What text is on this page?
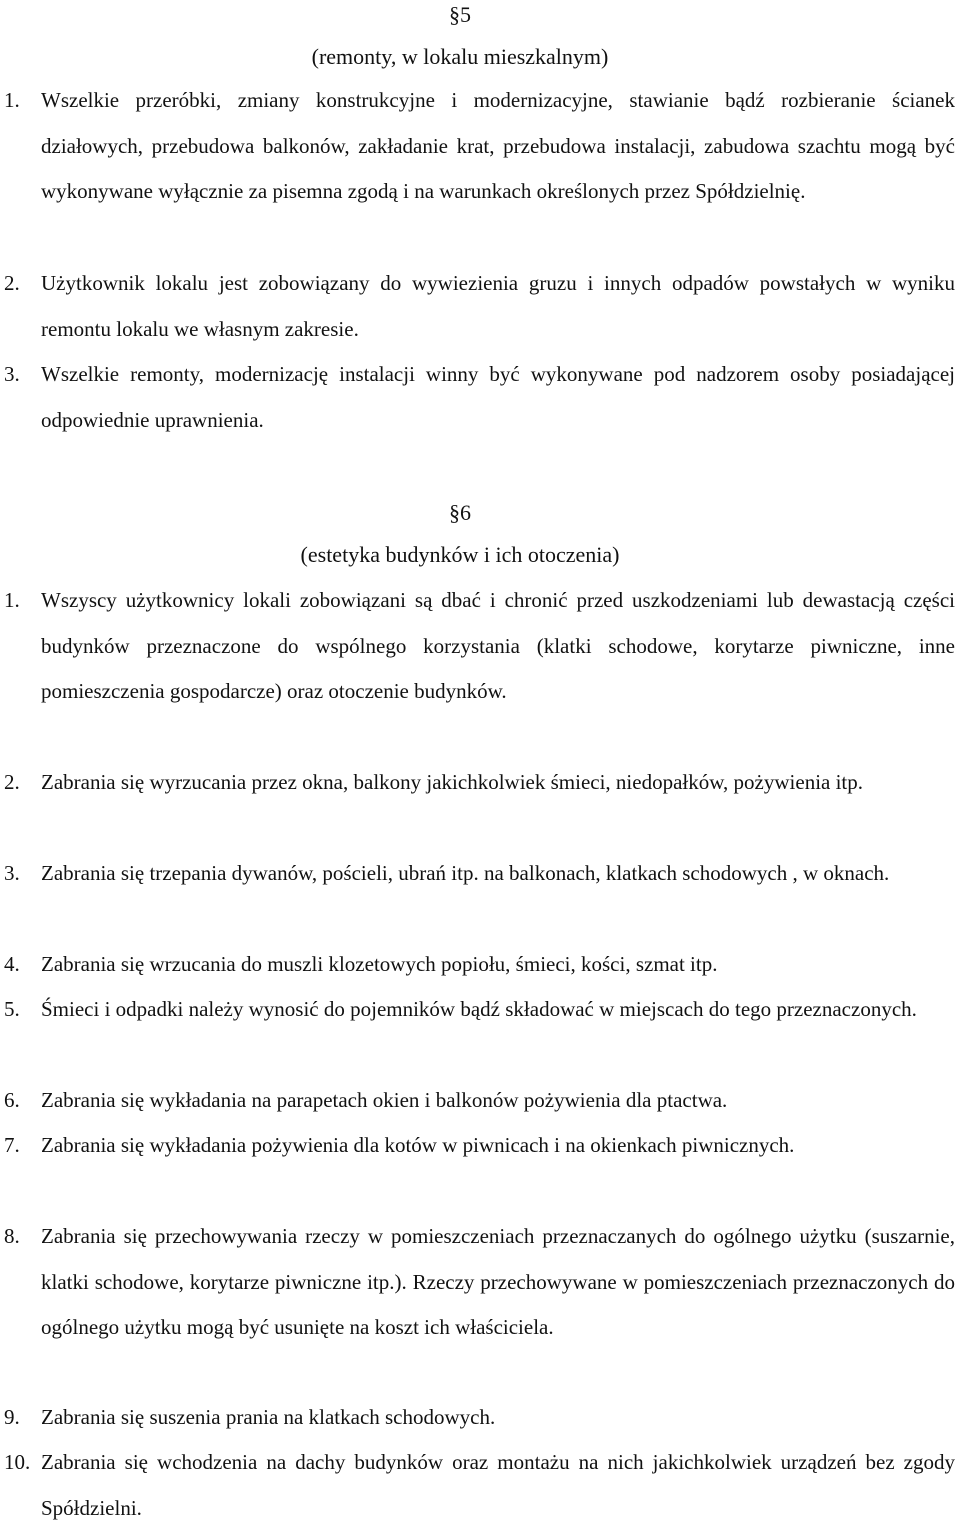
§5
(remonty, w lokalu mieszkalnym)
1. Wszelkie przeróbki, zmiany konstrukcyjne i modernizacyjne, stawianie bądź rozbieranie ścianek działowych, przebudowa balkonów, zakładanie krat, przebudowa instalacji, zabudowa szachtu mogą być wykonywane wyłącznie za pisemna zgodą i na warunkach określonych przez Spółdzielnię.
2. Użytkownik lokalu jest zobowiązany do wywiezienia gruzu i innych odpadów powstałych w wyniku remontu lokalu we własnym zakresie.
3. Wszelkie remonty, modernizację instalacji winny być wykonywane pod nadzorem osoby posiadającej odpowiednie uprawnienia.
§6
(estetyka budynków i ich otoczenia)
1. Wszyscy użytkownicy lokali zobowiązani są dbać i chronić przed uszkodzeniami lub dewastacją części budynków przeznaczone do wspólnego korzystania (klatki schodowe, korytarze piwniczne, inne pomieszczenia gospodarcze) oraz otoczenie budynków.
2. Zabrania się wyrzucania przez okna, balkony jakichkolwiek śmieci, niedopałków, pożywienia itp.
3. Zabrania się trzepania dywanów, pościeli, ubrań itp. na balkonach, klatkach schodowych , w oknach.
4. Zabrania się wrzucania do muszli klozetowych popiołu, śmieci, kości, szmat itp.
5. Śmieci i odpadki należy wynosić do pojemników bądź składować w miejscach do tego przeznaczonych.
6. Zabrania się wykładania na parapetach okien i balkonów pożywienia dla ptactwa.
7. Zabrania się wykładania pożywienia dla kotów w piwnicach i na okienkach piwnicznych.
8. Zabrania się przechowywania rzeczy w pomieszczeniach przeznaczanych do ogólnego użytku (suszarnie, klatki schodowe, korytarze piwniczne itp.). Rzeczy przechowywane w pomieszczeniach przeznaczonych do ogólnego użytku mogą być usunięte na koszt ich właściciela.
9. Zabrania się suszenia prania na klatkach schodowych.
10. Zabrania się wchodzenia na dachy budynków oraz montażu na nich jakichkolwiek urządzeń bez zgody Spółdzielni.
